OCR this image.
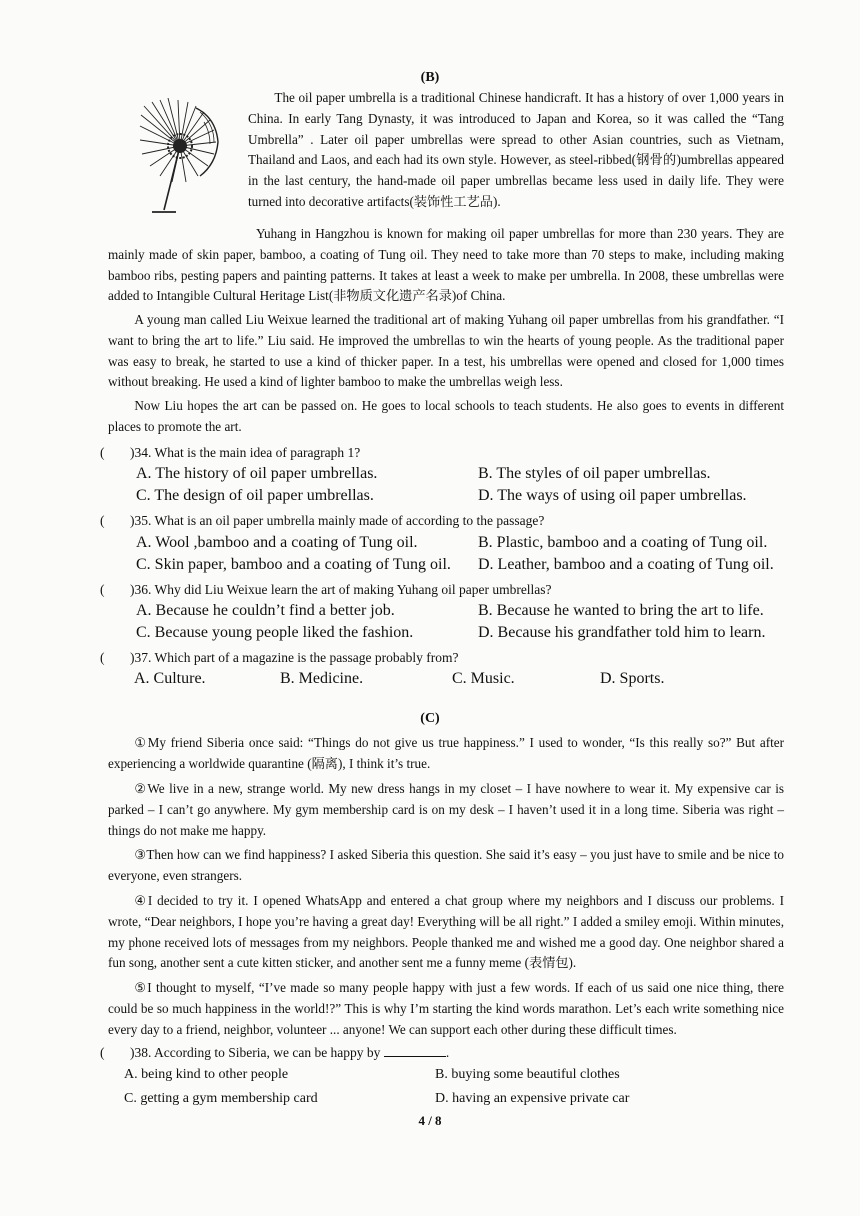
(B)

The oil paper umbrella is a traditional Chinese handicraft. It has a history of over 1,000 years in China. In early Tang Dynasty, it was introduced to Japan and Korea, so it was called the “Tang Umbrella” . Later oil paper umbrellas were spread to other Asian countries, such as Vietnam, Thailand and Laos, and each had its own style. However, as steel-ribbed(钢骨的)umbrellas appeared in the last century, the hand-made oil paper umbrellas became less used in daily life. They were turned into decorative artifacts(装饰性工艺品).

Yuhang in Hangzhou is known for making oil paper umbrellas for more than 230 years. They are mainly made of skin paper, bamboo, a coating of Tung oil. They need to take more than 70 steps to make, including making bamboo ribs, pesting papers and painting patterns. It takes at least a week to make per umbrella. In 2008, these umbrellas were added to Intangible Cultural Heritage List(非物质文化遗产名录)of China.

A young man called Liu Weixue learned the traditional art of making Yuhang oil paper umbrellas from his grandfather. “I want to bring the art to life.” Liu said. He improved the umbrellas to win the hearts of young people. As the traditional paper was easy to break, he started to use a kind of thicker paper. In a test, his umbrellas were opened and closed for 1,000 times without breaking. He used a kind of lighter bamboo to make the umbrellas weigh less.

Now Liu hopes the art can be passed on. He goes to local schools to teach students. He also goes to events in different places to promote the art.

( )34. What is the main idea of paragraph 1?
A. The history of oil paper umbrellas.	B. The styles of oil paper umbrellas.
C. The design of oil paper umbrellas.	D. The ways of using oil paper umbrellas.
( )35. What is an oil paper umbrella mainly made of according to the passage?
A. Wool ,bamboo and a coating of Tung oil.	B. Plastic, bamboo and a coating of Tung oil.
C. Skin paper, bamboo and a coating of Tung oil. D. Leather, bamboo and a coating of Tung oil.
( )36. Why did Liu Weixue learn the art of making Yuhang oil paper umbrellas?
A. Because he couldn’t find a better job.	B. Because he wanted to bring the art to life.
C. Because young people liked the fashion.	D. Because his grandfather told him to learn.
( )37. Which part of a magazine is the passage probably from?
A. Culture.	B. Medicine.	C. Music.	D. Sports.
(C)

①My friend Siberia once said: “Things do not give us true happiness.” I used to wonder, “Is this really so?” But after experiencing a worldwide quarantine (隔离), I think it’s true.

②We live in a new, strange world. My new dress hangs in my closet – I have nowhere to wear it. My expensive car is parked – I can’t go anywhere. My gym membership card is on my desk – I haven’t used it in a long time. Siberia was right – things do not make me happy.

③Then how can we find happiness? I asked Siberia this question. She said it’s easy – you just have to smile and be nice to everyone, even strangers.

④I decided to try it. I opened WhatsApp and entered a chat group where my neighbors and I discuss our problems. I wrote, “Dear neighbors, I hope you’re having a great day! Everything will be all right.” I added a smiley emoji. Within minutes, my phone received lots of messages from my neighbors. People thanked me and wished me a good day. One neighbor shared a fun song, another sent a cute kitten sticker, and another sent me a funny meme (表情包).

⑤I thought to myself, “I’ve made so many people happy with just a few words. If each of us said one nice thing, there could be so much happiness in the world!?” This is why I’m starting the kind words marathon. Let’s each write something nice every day to a friend, neighbor, volunteer ... anyone! We can support each other during these difficult times.

( )38. According to Siberia, we can be happy by	.
A. being kind to other people	B. buying some beautiful clothes
C. getting a gym membership card	D. having an expensive private car
4 / 8
